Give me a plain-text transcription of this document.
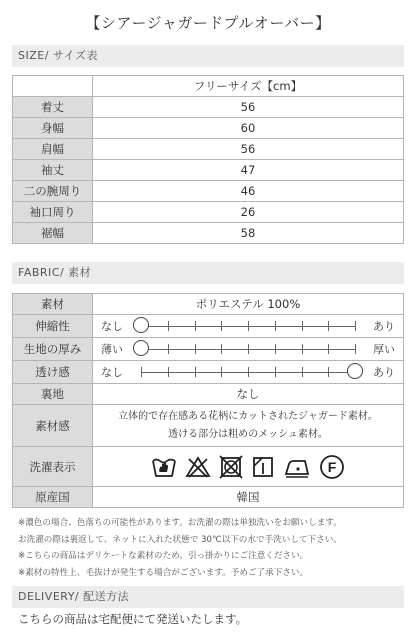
【シアージャガードプルオーバー】
SIZE/ サイズ表
	フリーサイズ【cm】
着丈	56
身幅	60
肩幅	56
袖丈	47
二の腕周り	46
袖口周り	26
裾幅	58
FABRIC/ 素材
素材	ポリエステル 100%
伸縮性	なし あり

生地の厚み	薄い 厚い

透け感	なし あり

裏地	なし
素材感	立体的で存在感ある花柄にカットされたジャガード素材。
透ける部分は粗めのメッシュ素材。

洗濯表示	F

原産国	韓国
※濃色の場合、色落ちの可能性があります。お洗濯の際は単独洗いをお願いします。
お洗濯の際は裏返して、ネットに入れた状態で 30℃以下の水で手洗いして下さい。
※こちらの商品はデリケートな素材のため、引っ掛かりにご注意ください。
※素材の特性上、毛抜けが発生する場合がございます。予めご了承下さい。
DELIVERY/ 配送方法
こちらの商品は宅配便にて発送いたします。
